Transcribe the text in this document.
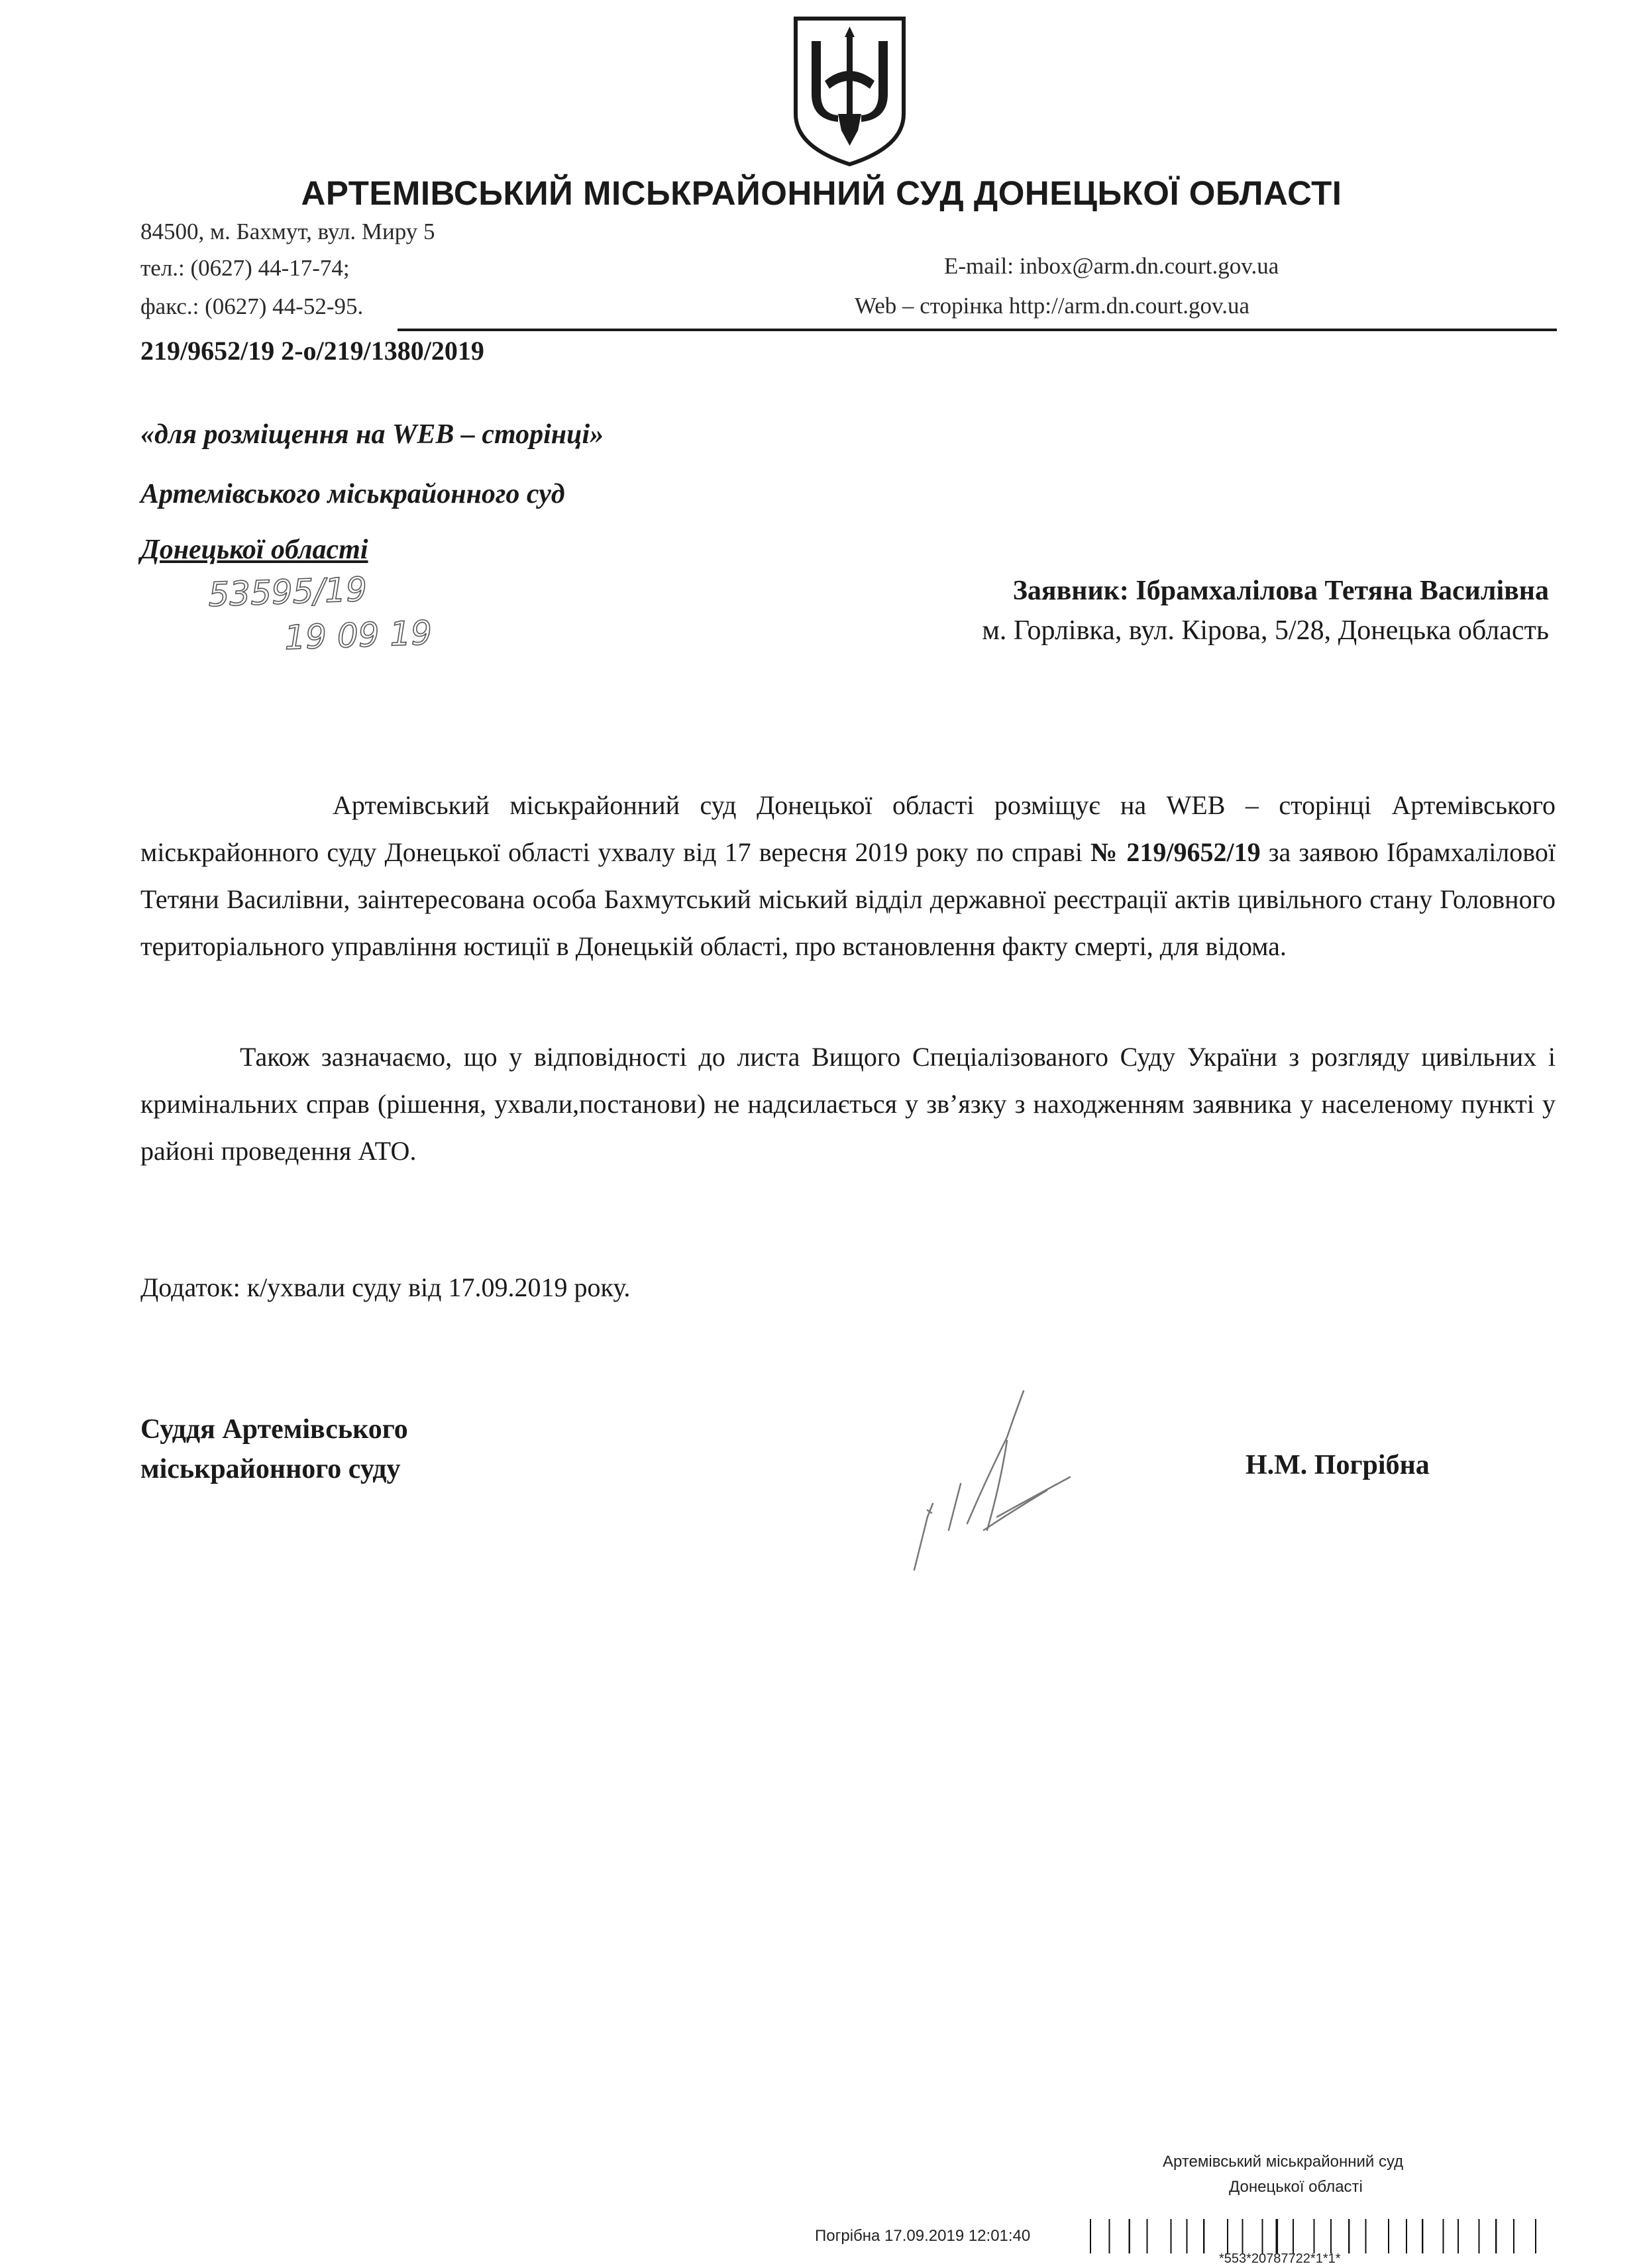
АРТЕМІВСЬКИЙ МІСЬКРАЙОННИЙ СУД ДОНЕЦЬКОЇ ОБЛАСТІ
84500, м. Бахмут, вул. Миру 5
тел.: (0627) 44-17-74;
факс.: (0627) 44-52-95.
E-mail: inbox@arm.dn.court.gov.ua
Web – сторінка http://arm.dn.court.gov.ua
219/9652/19 2-о/219/1380/2019
«для розміщення на WEB – сторінці»
Артемівського міськрайонного суд
Донецької області
53595/19
19 09 19
Заявник: Ібрамхалілова Тетяна Василівна
м. Горлівка, вул. Кірова, 5/28, Донецька область

Артемівський міськрайонний суд Донецької області розміщує на WEB – сторінці Артемівського міськрайонного суду Донецької області ухвалу від 17 вересня 2019 року по справі № 219/9652/19 за заявою Ібрамхалілової Тетяни Василівни, заінтересована особа Бахмутський міський відділ державної реєстрації актів цивільного стану Головного територіального управління юстиції в Донецькій області, про встановлення факту смерті, для відома.

Також зазначаємо, що у відповідності до листа Вищого Спеціалізованого Суду України з розгляду цивільних і кримінальних справ (рішення, ухвали,постанови) не надсилається у зв’язку з находженням заявника у населеному пункті у районі проведення АТО.

Додаток: к/ухвали суду від 17.09.2019 року.
Суддя Артемівського
міськрайонного суду	Н.М. Погрібна
Артемівський міськрайонний суд
Донецької області
Погрібна 17.09.2019 12:01:40
*553*20787722*1*1*
